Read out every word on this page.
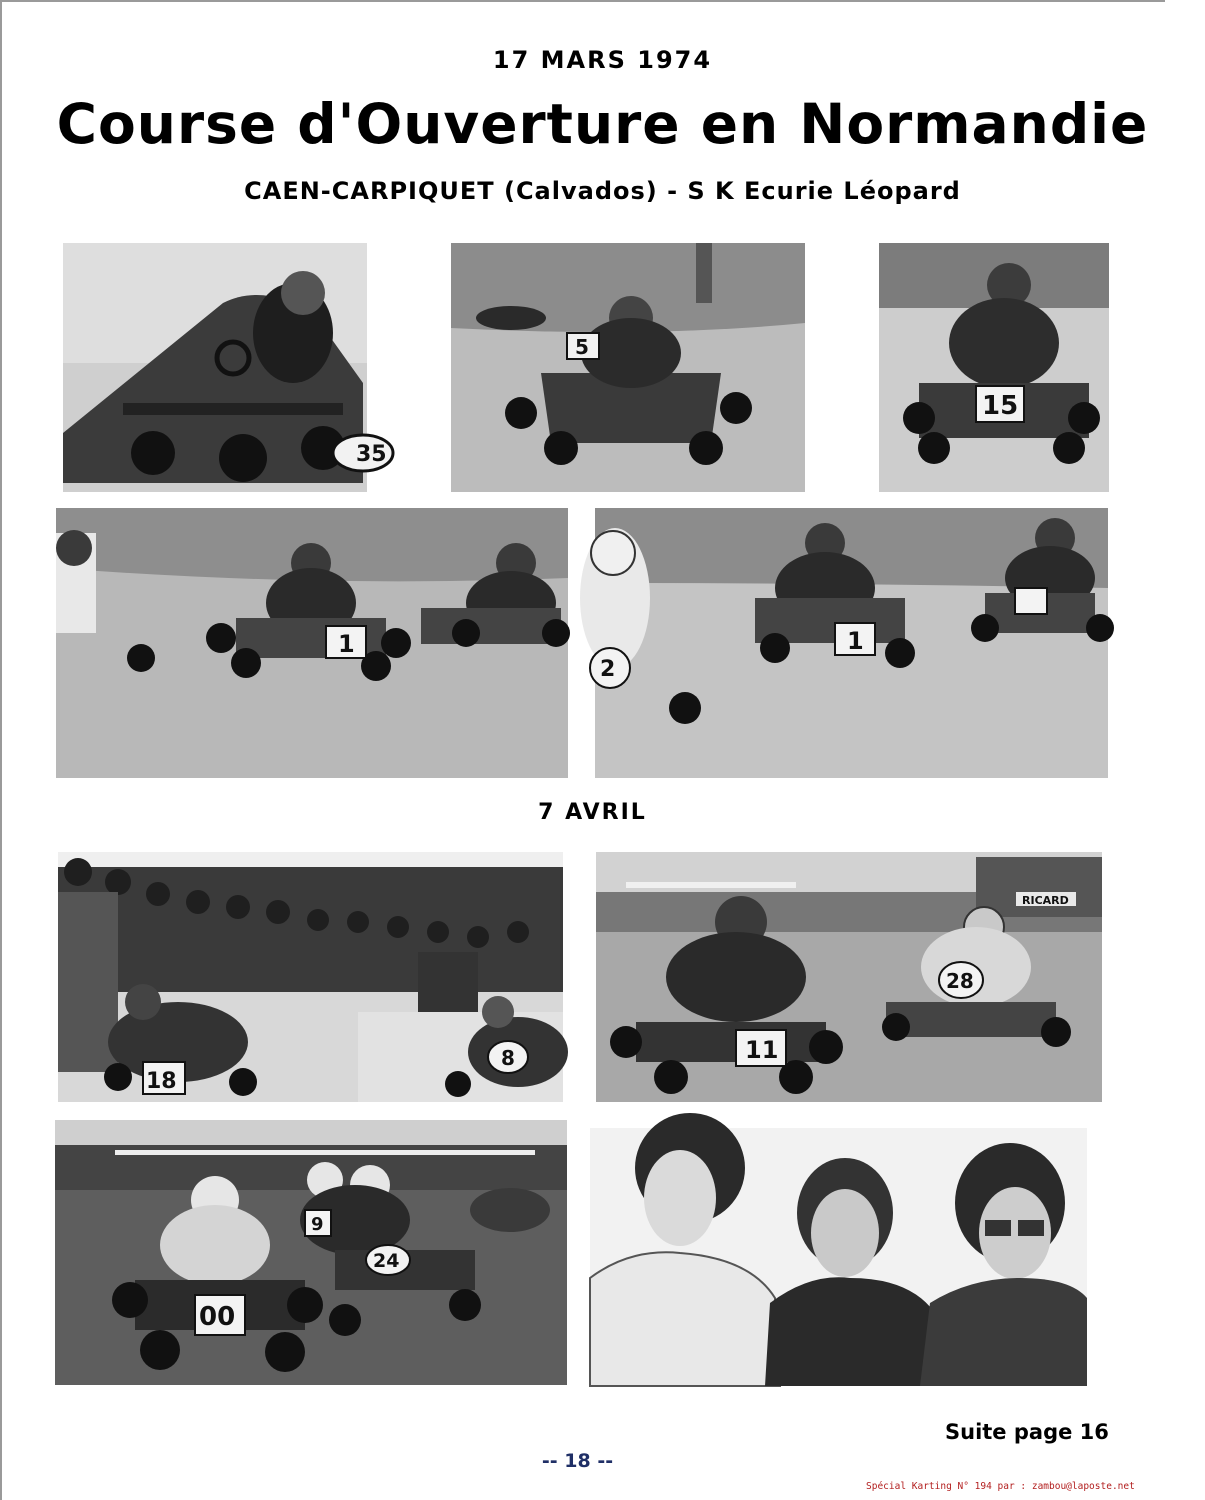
17 MARS 1974
Course d'Ouverture en Normandie
CAEN-CARPIQUET (Calvados) - S K Ecurie Léopard
35
5
15
1	1
2
7 AVRIL
18
8
RICARD
11
28
00
9
24
Suite page 16
-- 18 --
Spécial Karting N° 194 par : zambou@laposte.net
